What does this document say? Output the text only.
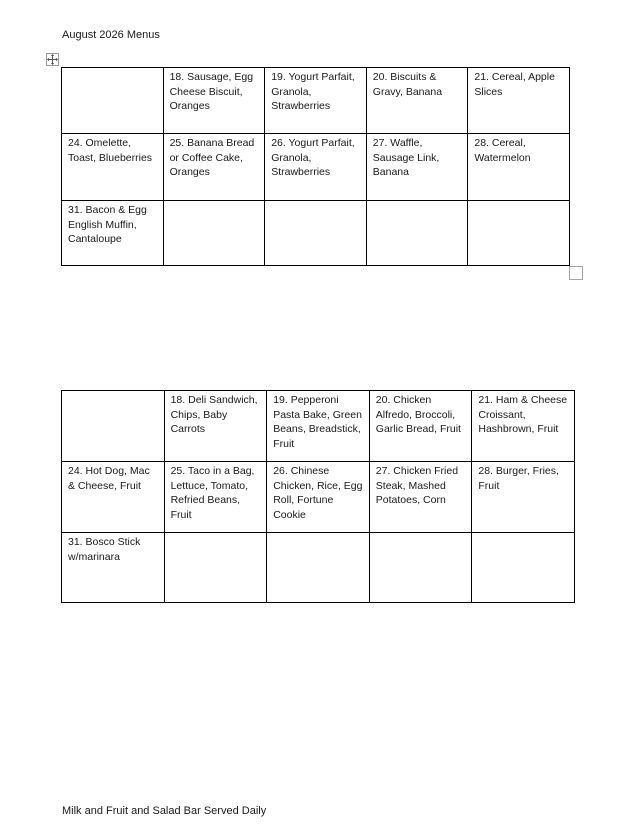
August 2026 Menus
	18. Sausage, Egg Cheese Biscuit, Oranges	19. Yogurt Parfait, Granola, Strawberries	20. Biscuits & Gravy, Banana	21. Cereal, Apple Slices
24. Omelette, Toast, Blueberries	25. Banana Bread or Coffee Cake, Oranges	26. Yogurt Parfait, Granola, Strawberries	27. Waffle, Sausage Link, Banana	28. Cereal, Watermelon
31. Bacon & Egg English Muffin, Cantaloupe				
	18. Deli Sandwich, Chips, Baby Carrots	19. Pepperoni Pasta Bake, Green Beans, Breadstick, Fruit	20. Chicken Alfredo, Broccoli, Garlic Bread, Fruit	21. Ham & Cheese Croissant, Hashbrown, Fruit
24. Hot Dog, Mac & Cheese, Fruit	25. Taco in a Bag, Lettuce, Tomato, Refried Beans, Fruit	26. Chinese Chicken, Rice, Egg Roll, Fortune Cookie	27. Chicken Fried Steak, Mashed Potatoes, Corn	28. Burger, Fries, Fruit
31. Bosco Stick w/marinara				
Milk and Fruit and Salad Bar Served Daily
